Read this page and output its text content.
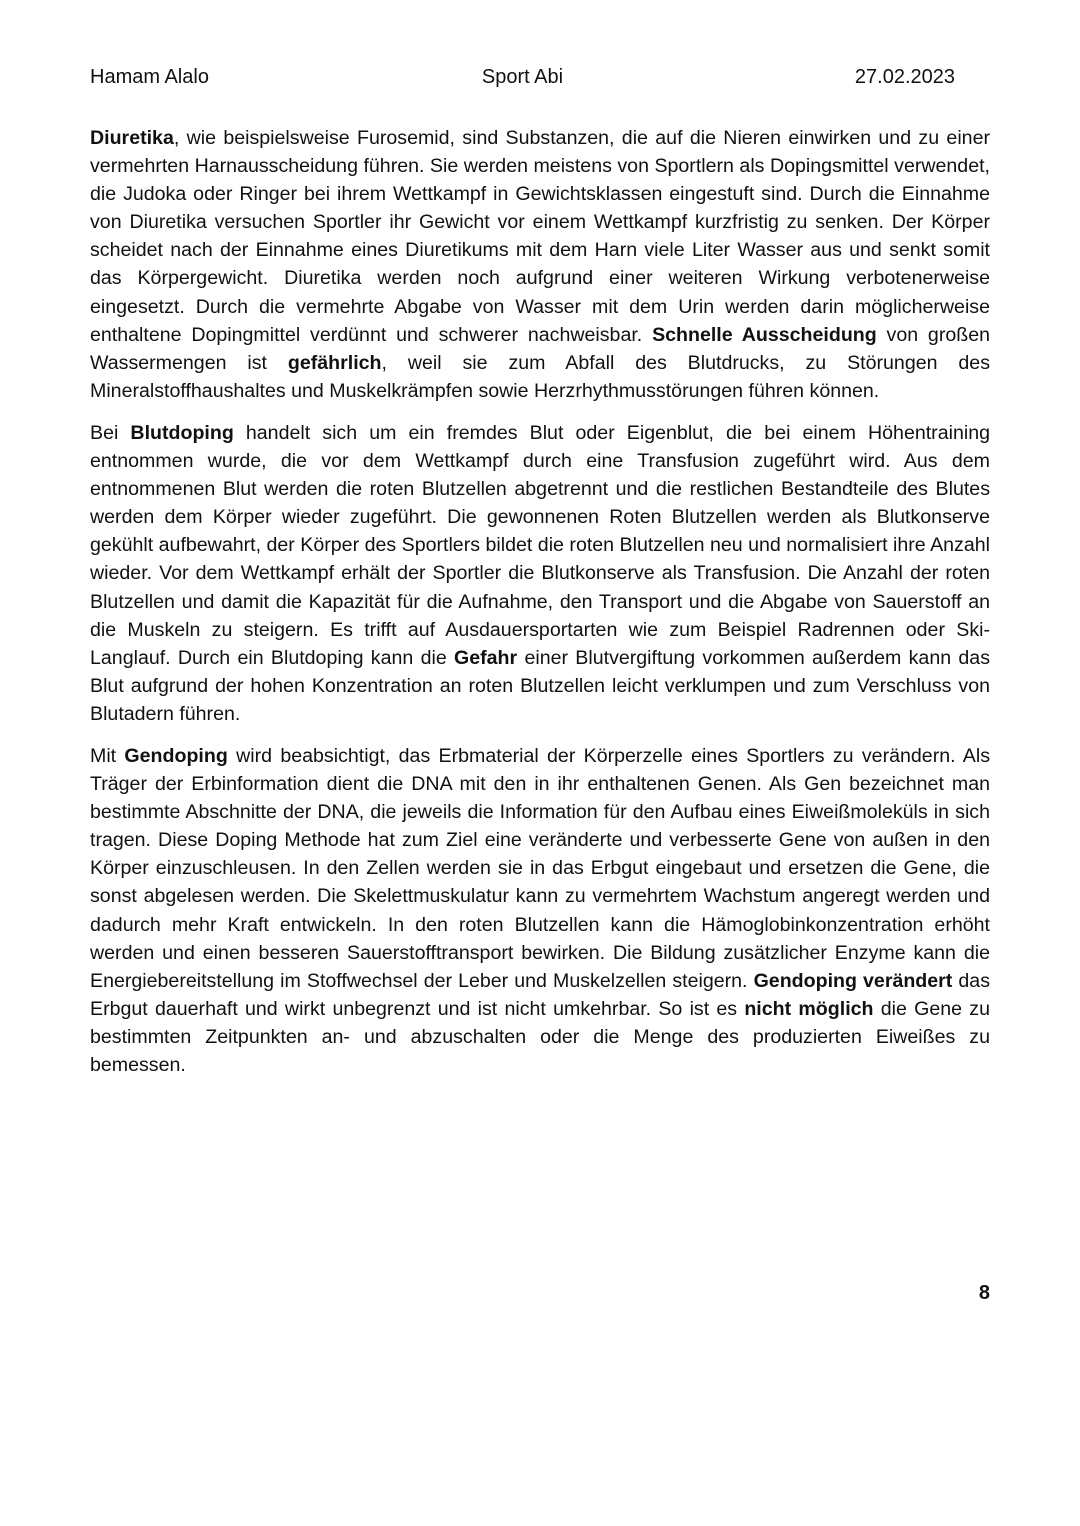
Hamam Alalo	Sport Abi	27.02.2023

Diuretika, wie beispielsweise Furosemid, sind Substanzen, die auf die Nieren einwirken und zu einer vermehrten Harnausscheidung führen. Sie werden meistens von Sportlern als Dopingsmittel verwendet, die Judoka oder Ringer bei ihrem Wettkampf in Gewichtsklassen eingestuft sind. Durch die Einnahme von Diuretika versuchen Sportler ihr Gewicht vor einem Wettkampf kurzfristig zu senken. Der Körper scheidet nach der Einnahme eines Diuretikums mit dem Harn viele Liter Wasser aus und senkt somit das Körpergewicht. Diuretika werden noch aufgrund einer weiteren Wirkung verbotenerweise eingesetzt. Durch die vermehrte Abgabe von Wasser mit dem Urin werden darin möglicherweise enthaltene Dopingmittel verdünnt und schwerer nachweisbar. Schnelle Ausscheidung von großen Wassermengen ist gefährlich, weil sie zum Abfall des Blutdrucks, zu Störungen des Mineralstoffhaushaltes und Muskelkrämpfen sowie Herzrhythmusstörungen führen können.

Bei Blutdoping handelt sich um ein fremdes Blut oder Eigenblut, die bei einem Höhentraining entnommen wurde, die vor dem Wettkampf durch eine Transfusion zugeführt wird. Aus dem entnommenen Blut werden die roten Blutzellen abgetrennt und die restlichen Bestandteile des Blutes werden dem Körper wieder zugeführt. Die gewonnenen Roten Blutzellen werden als Blutkonserve gekühlt aufbewahrt, der Körper des Sportlers bildet die roten Blutzellen neu und normalisiert ihre Anzahl wieder. Vor dem Wettkampf erhält der Sportler die Blutkonserve als Transfusion. Die Anzahl der roten Blutzellen und damit die Kapazität für die Aufnahme, den Transport und die Abgabe von Sauerstoff an die Muskeln zu steigern. Es trifft auf Ausdauersportarten wie zum Beispiel Radrennen oder Ski-Langlauf. Durch ein Blutdoping kann die Gefahr einer Blutvergiftung vorkommen außerdem kann das Blut aufgrund der hohen Konzentration an roten Blutzellen leicht verklumpen und zum Verschluss von Blutadern führen.

Mit Gendoping wird beabsichtigt, das Erbmaterial der Körperzelle eines Sportlers zu verändern. Als Träger der Erbinformation dient die DNA mit den in ihr enthaltenen Genen. Als Gen bezeichnet man bestimmte Abschnitte der DNA, die jeweils die Information für den Aufbau eines Eiweißmoleküls in sich tragen. Diese Doping Methode hat zum Ziel eine veränderte und verbesserte Gene von außen in den Körper einzuschleusen. In den Zellen werden sie in das Erbgut eingebaut und ersetzen die Gene, die sonst abgelesen werden. Die Skelettmuskulatur kann zu vermehrtem Wachstum angeregt werden und dadurch mehr Kraft entwickeln. In den roten Blutzellen kann die Hämoglobinkonzentration erhöht werden und einen besseren Sauerstofftransport bewirken. Die Bildung zusätzlicher Enzyme kann die Energiebereitstellung im Stoffwechsel der Leber und Muskelzellen steigern. Gendoping verändert das Erbgut dauerhaft und wirkt unbegrenzt und ist nicht umkehrbar. So ist es nicht möglich die Gene zu bestimmten Zeitpunkten an- und abzuschalten oder die Menge des produzierten Eiweißes zu bemessen.

8
